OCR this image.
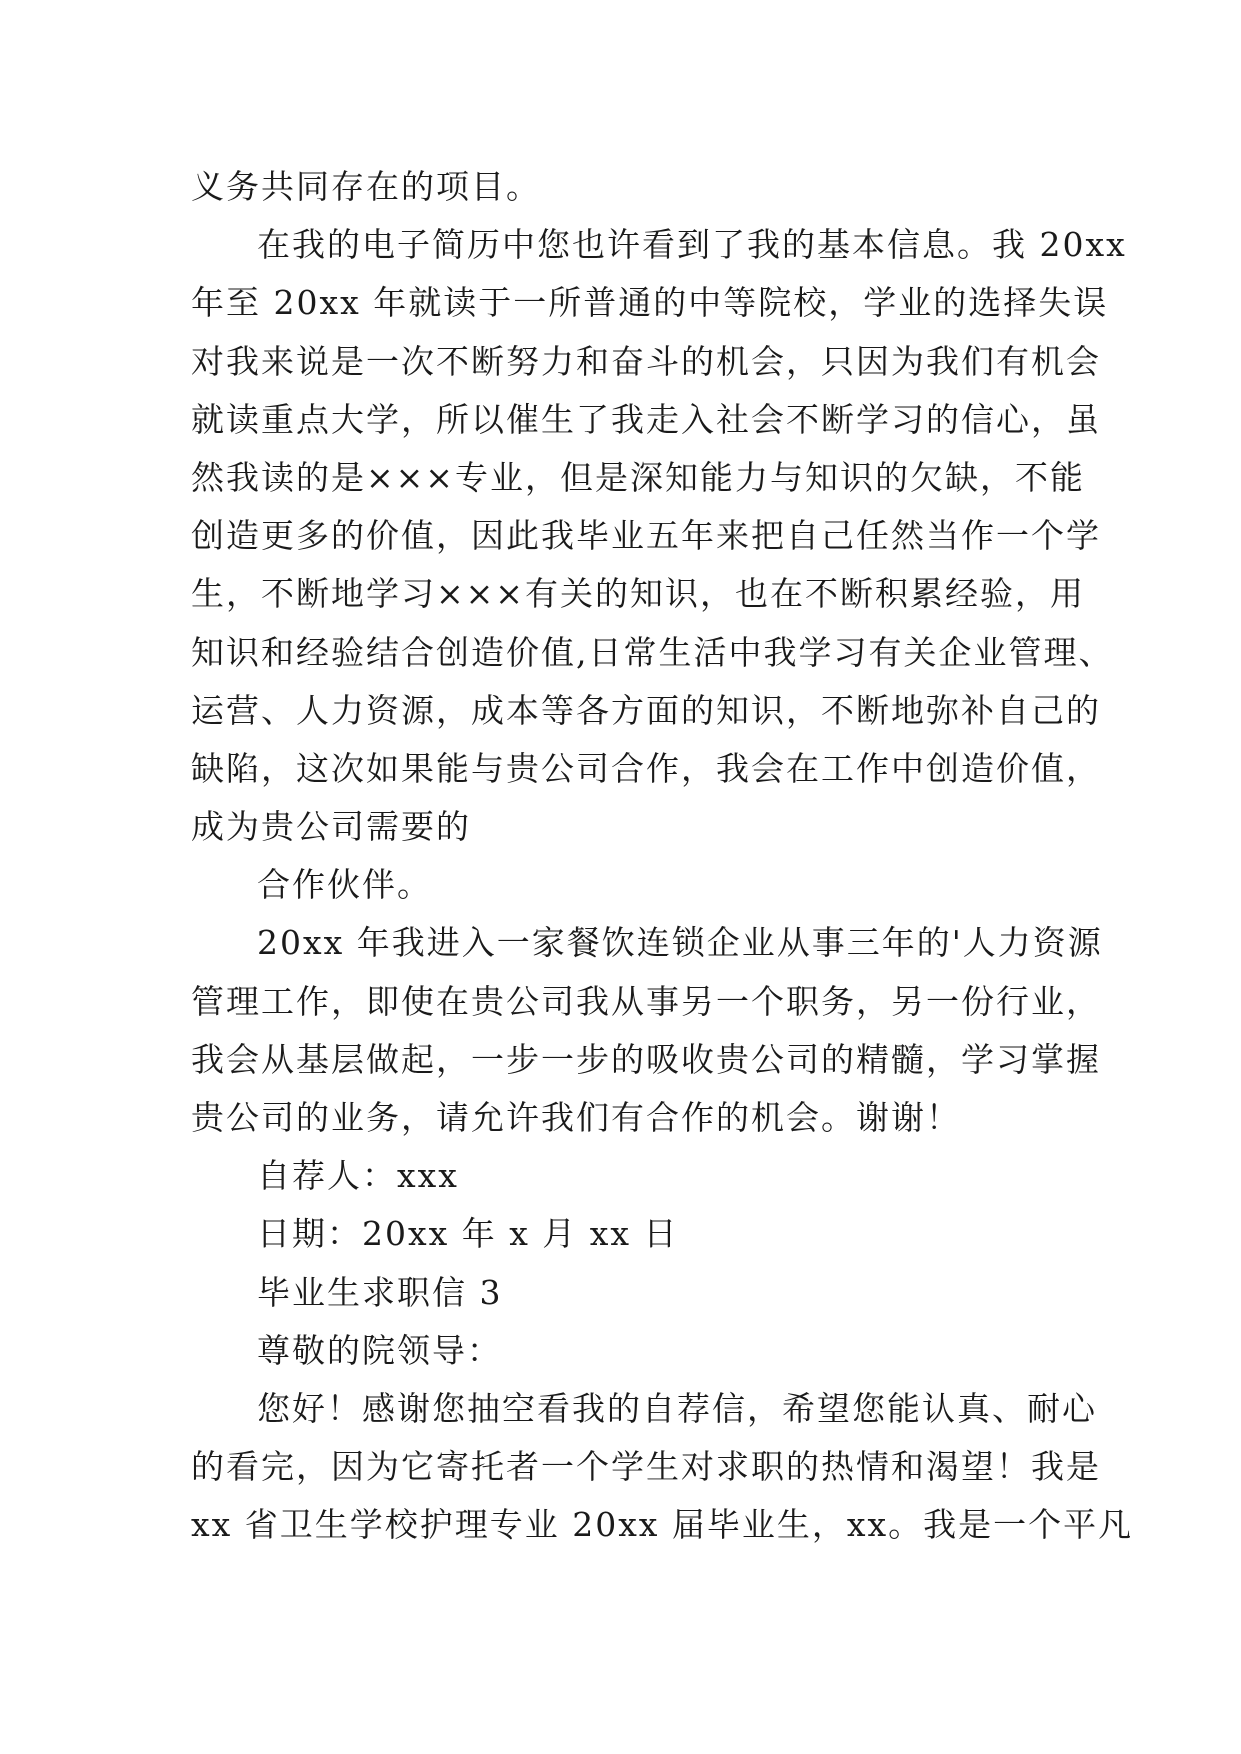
义务共同存在的项目。
在我的电子简历中您也许看到了我的基本信息。我 20xx
年至 20xx 年就读于一所普通的中等院校，学业的选择失误
对我来说是一次不断努力和奋斗的机会，只因为我们有机会
就读重点大学，所以催生了我走入社会不断学习的信心，虽
然我读的是×××专业，但是深知能力与知识的欠缺，不能
创造更多的价值，因此我毕业五年来把自己任然当作一个学
生，不断地学习×××有关的知识，也在不断积累经验，用
知识和经验结合创造价值,日常生活中我学习有关企业管理、
运营、人力资源，成本等各方面的知识，不断地弥补自己的
缺陷，这次如果能与贵公司合作，我会在工作中创造价值，
成为贵公司需要的
合作伙伴。
20xx 年我进入一家餐饮连锁企业从事三年的'人力资源
管理工作，即使在贵公司我从事另一个职务，另一份行业，
我会从基层做起，一步一步的吸收贵公司的精髓，学习掌握
贵公司的业务，请允许我们有合作的机会。谢谢！
自荐人：xxx
日期：20xx 年 x 月 xx 日
毕业生求职信 3
尊敬的院领导：
您好！感谢您抽空看我的自荐信，希望您能认真、耐心
的看完，因为它寄托者一个学生对求职的热情和渴望！我是
xx 省卫生学校护理专业 20xx 届毕业生，xx。我是一个平凡
